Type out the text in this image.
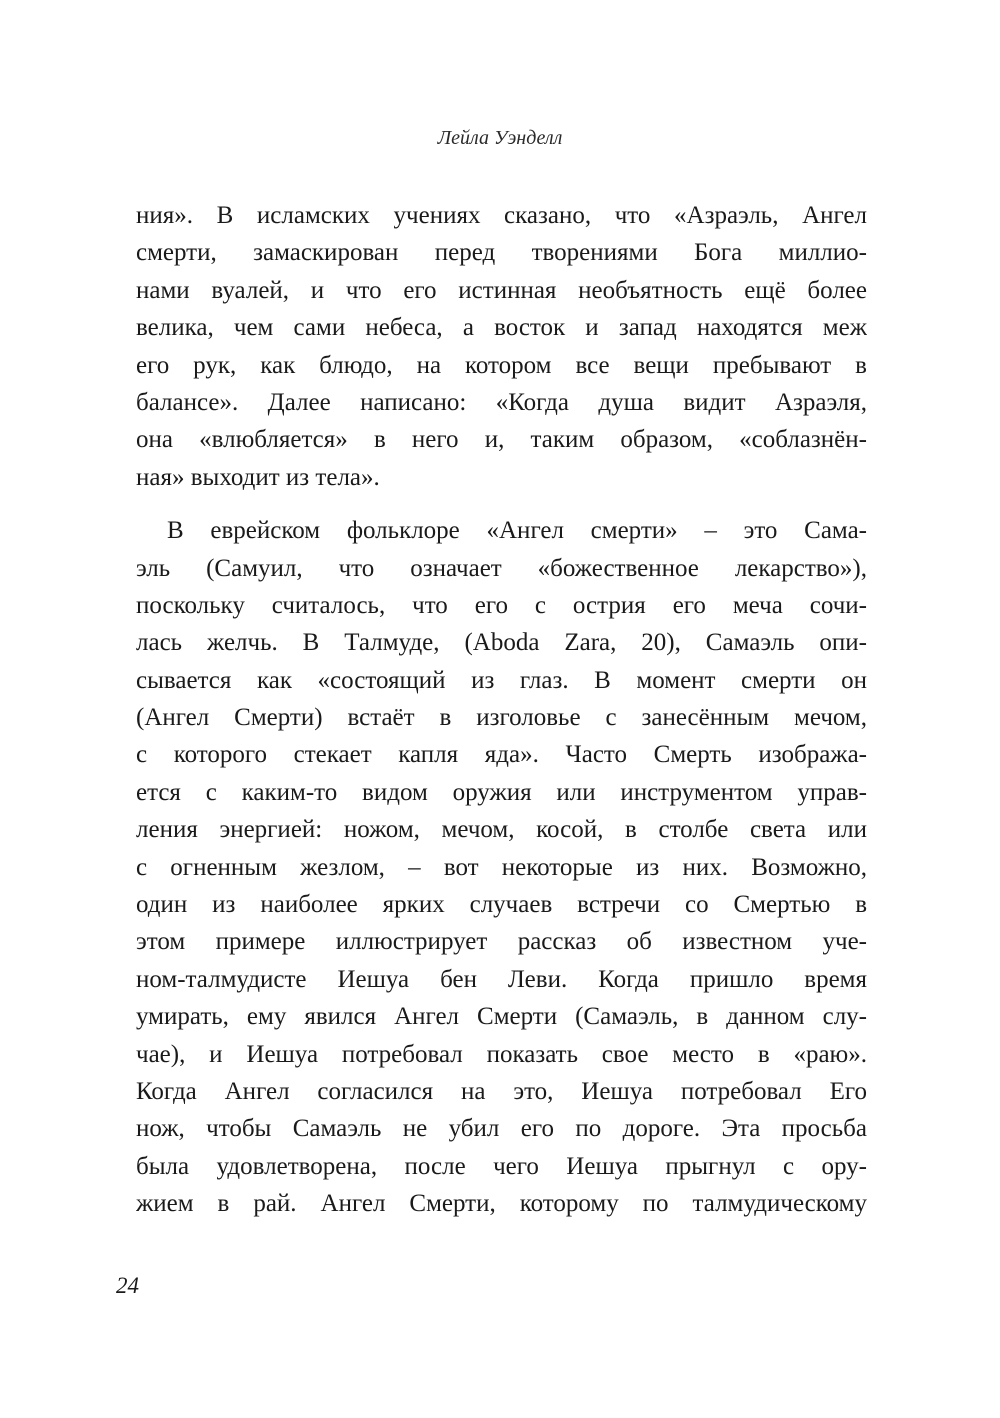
Лейла Уэнделл
ния». В исламских учениях сказано, что «Азраэль, Ангел
смерти, замаскирован перед творениями Бога миллио-
нами вуалей, и что его истинная необъятность ещё более
велика, чем сами небеса, а восток и запад находятся меж
его рук, как блюдо, на котором все вещи пребывают в
балансе». Далее написано: «Когда душа видит Азраэля,
она «влюбляется» в него и, таким образом, «соблазнён-
ная» выходит из тела».
В еврейском фольклоре «Ангел смерти» – это Сама-
эль (Самуил, что означает «божественное лекарство»),
поскольку считалось, что его с острия его меча сочи-
лась желчь. В Талмуде, (Aboda Zara, 20), Самаэль опи-
сывается как «состоящий из глаз. В момент смерти он
(Ангел Смерти) встаёт в изголовье с занесённым мечом,
с которого стекает капля яда». Часто Смерть изобража-
ется с каким-то видом оружия или инструментом управ-
ления энергией: ножом, мечом, косой, в столбе света или
с огненным жезлом, – вот некоторые из них. Возможно,
один из наиболее ярких случаев встречи со Смертью в
этом примере иллюстрирует рассказ об известном уче-
ном-талмудисте Иешуа бен Леви. Когда пришло время
умирать, ему явился Ангел Смерти (Самаэль, в данном слу-
чае), и Иешуа потребовал показать свое место в «раю».
Когда Ангел согласился на это, Иешуа потребовал Его
нож, чтобы Самаэль не убил его по дороге. Эта просьба
была удовлетворена, после чего Иешуа прыгнул с ору-
жием в рай. Ангел Смерти, которому по талмудическому
24
